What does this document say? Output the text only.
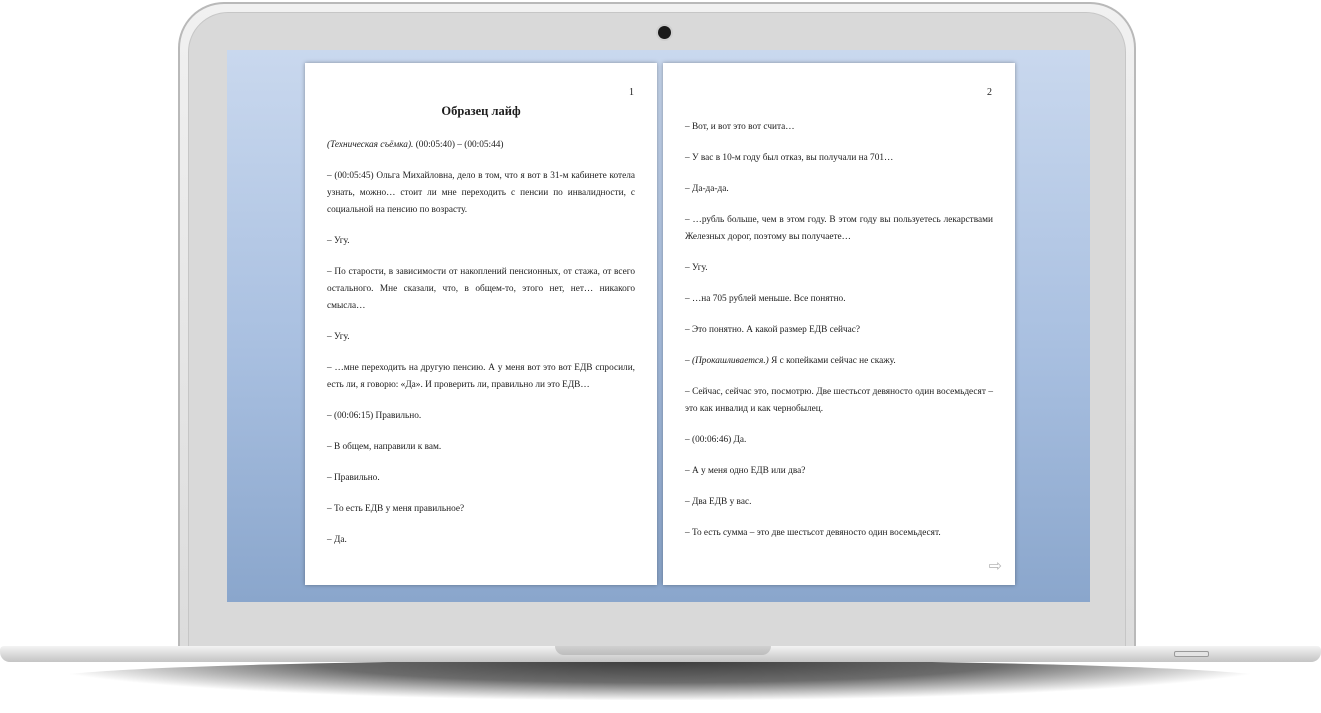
1
Образец лайф

(Техническая съёмка). (00:05:40) – (00:05:44)

– (00:05:45) Ольга Михайловна, дело в том, что я вот в 31-м кабинете котела узнать, можно… стоит ли мне переходить с пенсии по инвалидности, с социальной на пенсию по возрасту.

– Угу.

– По старости, в зависимости от накоплений пенсионных, от стажа, от всего остального. Мне сказали, что, в общем-то, этого нет, нет… никакого смысла…

– Угу.

– …мне переходить на другую пенсию. А у меня вот это вот ЕДВ спросили, есть ли, я говорю: «Да». И проверить ли, правильно ли это ЕДВ…

– (00:06:15) Правильно.

– В общем, направили к вам.

– Правильно.

– То есть ЕДВ у меня правильное?

– Да.

2

– Вот, и вот это вот счита…

– У вас в 10-м году был отказ, вы получали на 701…

– Да-да-да.

– …рубль больше, чем в этом году. В этом году вы пользуетесь лекарствами Железных дорог, поэтому вы получаете…

– Угу.

– …на 705 рублей меньше. Все понятно.

– Это понятно. А какой размер ЕДВ сейчас?

– (Прокашливается.) Я с копейками сейчас не скажу.

– Сейчас, сейчас это, посмотрю. Две шестьсот девяносто один восемьдесят – это как инвалид и как чернобылец.

– (00:06:46) Да.

– А у меня одно ЕДВ или два?

– Два ЕДВ у вас.

– То есть сумма – это две шестьсот девяносто один восемьдесят.

⇨
